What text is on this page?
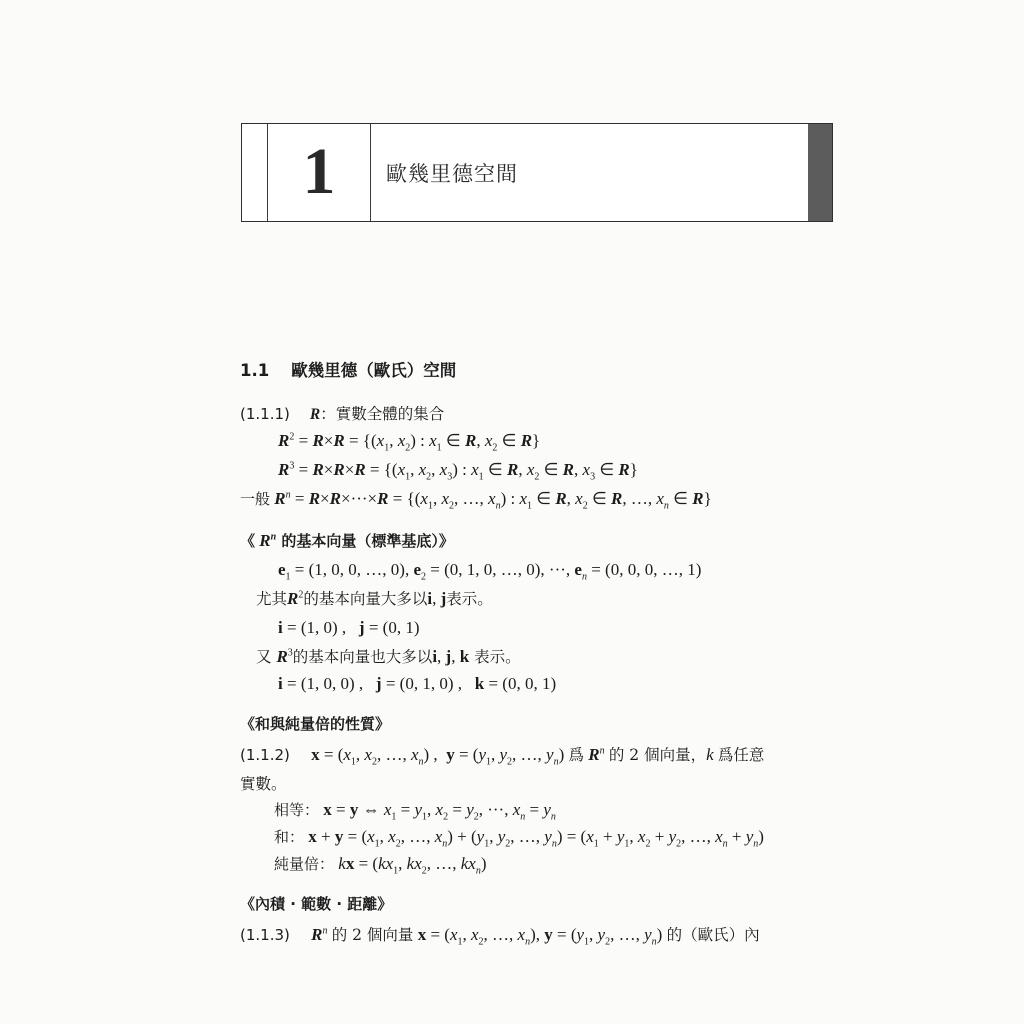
1	歐幾里德空間
1.1 歐幾里德（歐氏）空間
(1.1.1) R：實數全體的集合
$R^2 = R\times R = \{(x_1$, $x_2$) : $x_1$ ∈ R, $x_2$ ∈ R}
$R^3 = R\times R\times R = \{(x_1$, $x_2$, $x_3$) : $x_1$ ∈ R, $x_2$ ∈ R, $x_3$ ∈ R}
一般 $R^n = R\times R\times\cdot\cdot\cdot\times R = \{(x_1$, $x_2$, …, $x_n$) : $x_1$ ∈ R, $x_2$ ∈ R, …, $x_n$ ∈ R}
《 $R^n$ 的基本向量（標準基底）》
$e_1 = (1$, 0, 0, …, 0), $e_2 = (0$, 1, 0, …, 0), ···, $e_n = (0$, 0, 0, …, 1)
尤其$R^2$的基本向量大多以i, j表示。
i = (1, 0) ,   j = (0, 1)
又 $R^3$的基本向量也大多以i, j, k 表示。
i = (1, 0, 0) ,   j = (0, 1, 0) ,   k = (0, 0, 1)
《和與純量倍的性質》
(1.1.2) $x = (x_1$, $x_2$, …, $x_n$) ,  $y = (y_1$, $y_2$, …, $y_n$) 爲 $R^n$ 的 2 個向量，k 爲任意
實數。
相等： x = y ⇔ $x_1 = y_1$, $x_2 = y_2$, ···, $x_n = y_n$
和： $x + y = (x_1$, $x_2$, …, $x_n) + (y_1$, $y_2$, …, $y_n) = (x_1 + y_1$, $x_2 + y_2$, …, $x_n + y_n$)
純量倍： kx = ($kx_1$, $kx_2$, …, $kx_n$)
《內積 · 範數 · 距離》
(1.1.3) $R^n$ 的 2 個向量 $x = (x_1$, $x_2$, …, $x_n$), $y = (y_1$, $y_2$, …, $y_n$) 的（歐氏）內
